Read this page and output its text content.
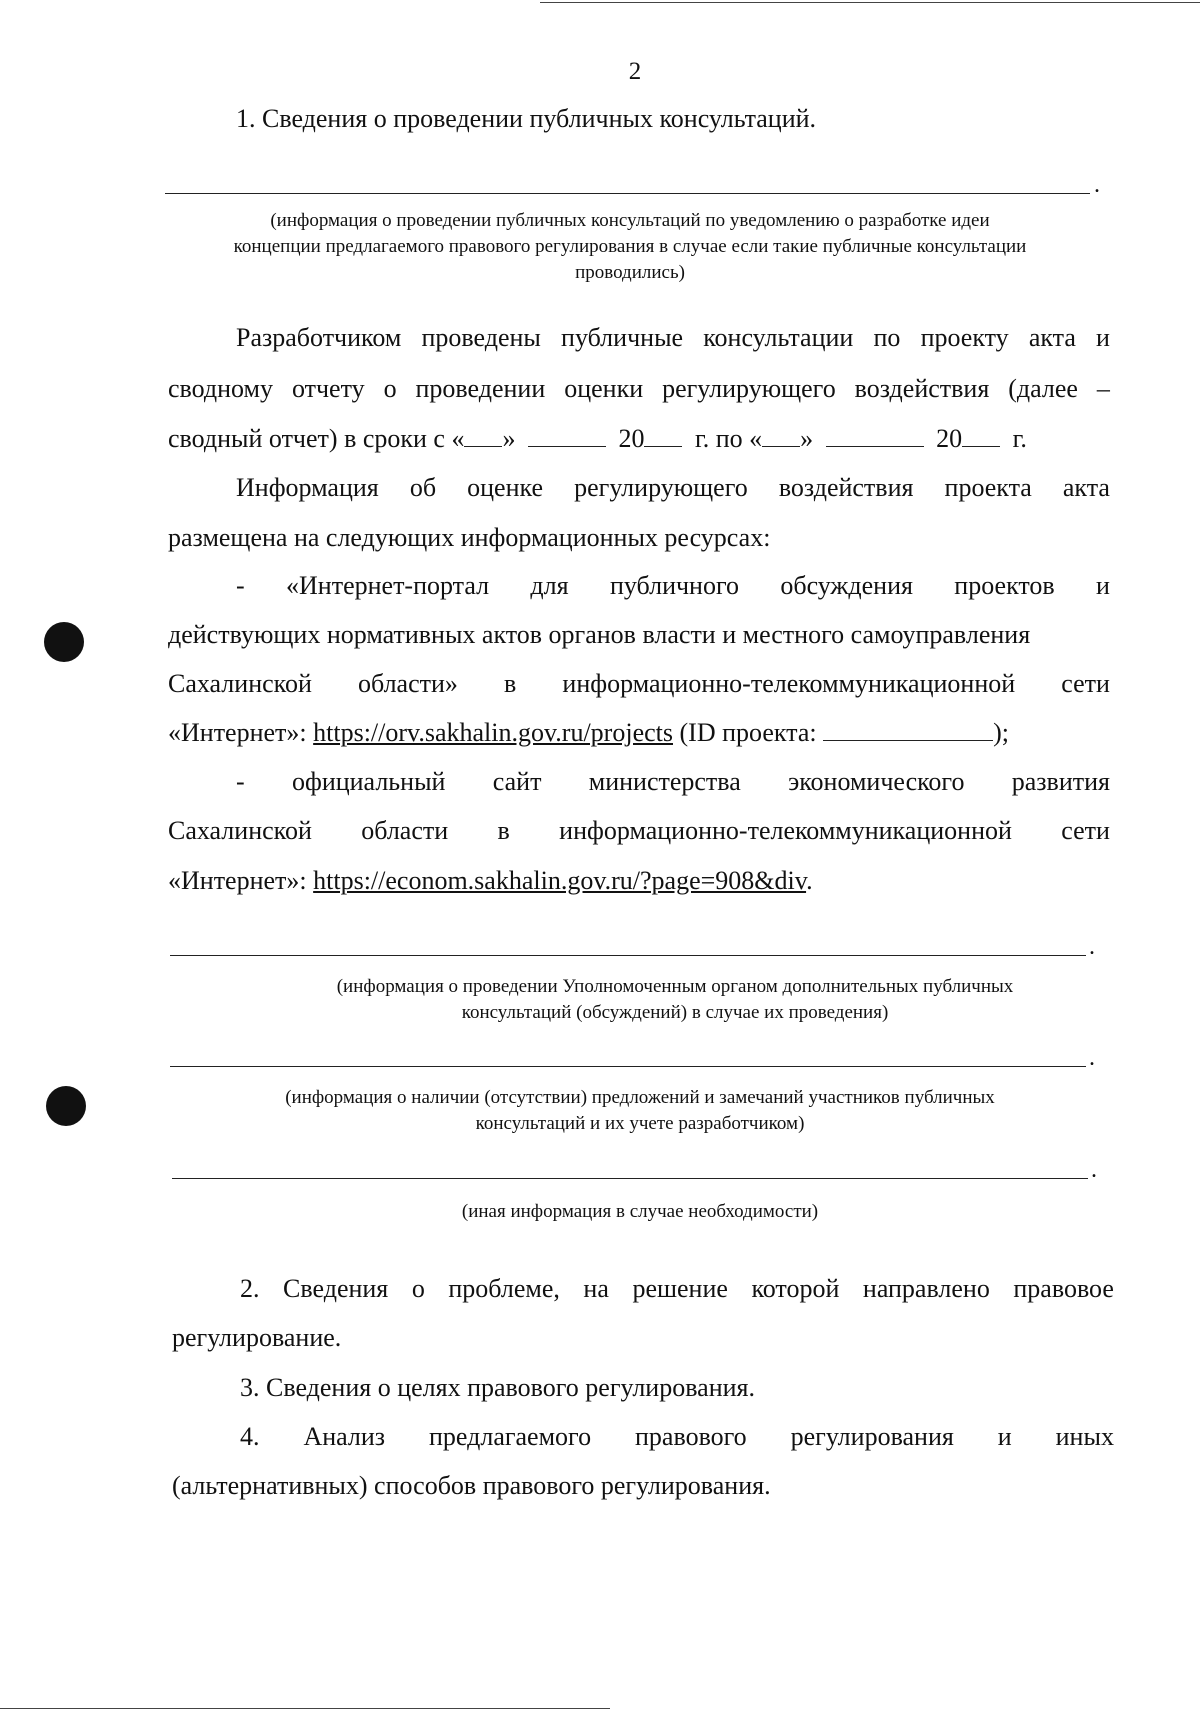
2
1. Сведения о проведении публичных консультаций.
.
(информация о проведении публичных консультаций по уведомлению о разработке идеи
концепции предлагаемого правового регулирования в случае если такие публичные консультации
проводились)
Разработчиком проведены публичные консультации по проекту акта и
сводному отчету о проведении оценки регулирующего воздействия (далее –
сводный отчет) в сроки с « »	20 г. по « »	20 г.
Информация об оценке регулирующего воздействия проекта акта
размещена на следующих информационных ресурсах:
- «Интернет-портал для публичного обсуждения проектов и
действующих нормативных актов органов власти и местного самоуправления
Сахалинской области» в информационно-телекоммуникационной сети
«Интернет»: https://orv.sakhalin.gov.ru/projects (ID проекта:	);
- официальный сайт министерства экономического развития
Сахалинской области в информационно-телекоммуникационной сети
«Интернет»: https://econom.sakhalin.gov.ru/?page=908&div.
.
(информация о проведении Уполномоченным органом дополнительных публичных
консультаций (обсуждений) в случае их проведения)
.
(информация о наличии (отсутствии) предложений и замечаний участников публичных
консультаций и их учете разработчиком)
.
(иная информация в случае необходимости)
2. Сведения о проблеме, на решение которой направлено правовое
регулирование.
3. Сведения о целях правового регулирования.
4. Анализ предлагаемого правового регулирования и иных
(альтернативных) способов правового регулирования.
